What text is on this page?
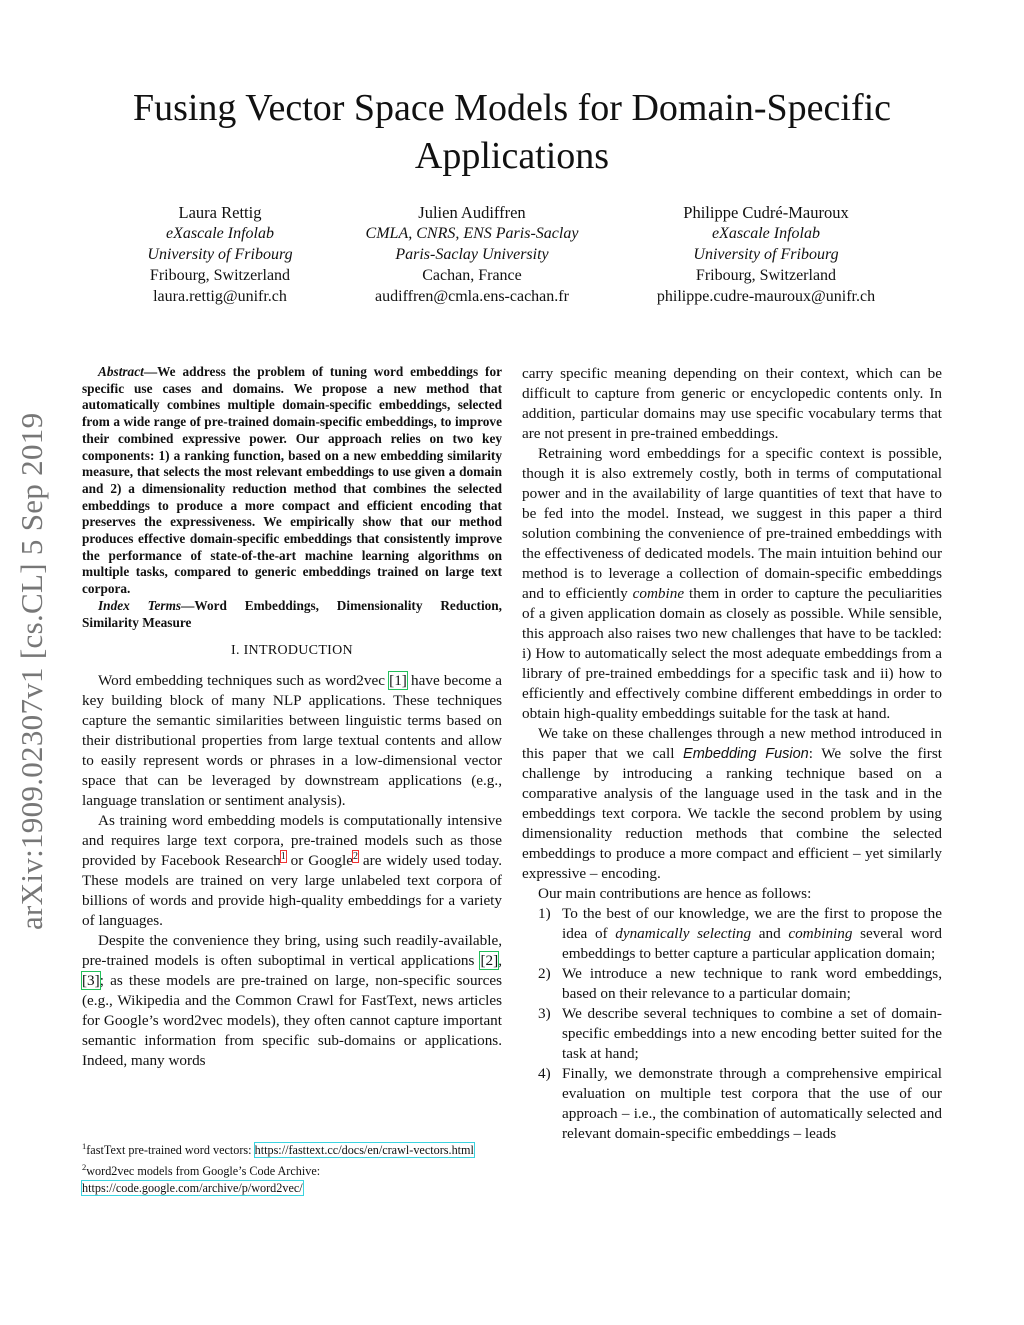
arXiv:1909.02307v1 [cs.CL] 5 Sep 2019
Fusing Vector Space Models for Domain-Specific Applications
Laura Rettig
eXascale Infolab
University of Fribourg
Fribourg, Switzerland
laura.rettig@unifr.ch
Julien Audiffren
CMLA, CNRS, ENS Paris-Saclay
Paris-Saclay University
Cachan, France
audiffren@cmla.ens-cachan.fr
Philippe Cudré-Mauroux
eXascale Infolab
University of Fribourg
Fribourg, Switzerland
philippe.cudre-mauroux@unifr.ch

Abstract—We address the problem of tuning word embeddings for specific use cases and domains. We propose a new method that automatically combines multiple domain-specific embeddings, selected from a wide range of pre-trained domain-specific embeddings, to improve their combined expressive power. Our approach relies on two key components: 1) a ranking function, based on a new embedding similarity measure, that selects the most relevant embeddings to use given a domain and 2) a dimensionality reduction method that combines the selected embeddings to produce a more compact and efficient encoding that preserves the expressiveness. We empirically show that our method produces effective domain-specific embeddings that consistently improve the performance of state-of-the-art machine learning algorithms on multiple tasks, compared to generic embeddings trained on large text corpora.

Index Terms—Word Embeddings, Dimensionality Reduction, Similarity Measure

I. INTRODUCTION

Word embedding techniques such as word2vec [1] have become a key building block of many NLP applications. These techniques capture the semantic similarities between linguistic terms based on their distributional properties from large textual contents and allow to easily represent words or phrases in a low-dimensional vector space that can be leveraged by downstream applications (e.g., language translation or sentiment analysis).

As training word embedding models is computationally intensive and requires large text corpora, pre-trained models such as those provided by Facebook Research$^1$ or Google$^2$ are widely used today. These models are trained on very large unlabeled text corpora of billions of words and provide high-quality embeddings for a variety of languages.

Despite the convenience they bring, using such readily-available, pre-trained models is often suboptimal in vertical applications [2], [3]; as these models are pre-trained on large, non-specific sources (e.g., Wikipedia and the Common Crawl for FastText, news articles for Google’s word2vec models), they often cannot capture important semantic information from specific sub-domains or applications. Indeed, many words

$^1$fastText pre-trained word vectors: https://fasttext.cc/docs/en/crawl-vectors.html
$^2$word2vec models from Google’s Code Archive: https://code.google.com/archive/p/word2vec/

carry specific meaning depending on their context, which can be difficult to capture from generic or encyclopedic contents only. In addition, particular domains may use specific vocabulary terms that are not present in pre-trained embeddings.

Retraining word embeddings for a specific context is possible, though it is also extremely costly, both in terms of computational power and in the availability of large quantities of text that have to be fed into the model. Instead, we suggest in this paper a third solution combining the convenience of pre-trained embeddings with the effectiveness of dedicated models. The main intuition behind our method is to leverage a collection of domain-specific embeddings and to efficiently combine them in order to capture the peculiarities of a given application domain as closely as possible. While sensible, this approach also raises two new challenges that have to be tackled: i) How to automatically select the most adequate embeddings from a library of pre-trained embeddings for a specific task and ii) how to efficiently and effectively combine different embeddings in order to obtain high-quality embeddings suitable for the task at hand.

We take on these challenges through a new method introduced in this paper that we call Embedding Fusion: We solve the first challenge by introducing a ranking technique based on a comparative analysis of the language used in the task and in the embeddings text corpora. We tackle the second problem by using dimensionality reduction methods that combine the selected embeddings to produce a more compact and efficient – yet similarly expressive – encoding.

Our main contributions are hence as follows:

1) To the best of our knowledge, we are the first to propose the idea of dynamically selecting and combining several word embeddings to better capture a particular application domain;
2) We introduce a new technique to rank word embeddings, based on their relevance to a particular domain;
3) We describe several techniques to combine a set of domain-specific embeddings into a new encoding better suited for the task at hand;
4) Finally, we demonstrate through a comprehensive empirical evaluation on multiple test corpora that the use of our approach – i.e., the combination of automatically selected and relevant domain-specific embeddings – leads
